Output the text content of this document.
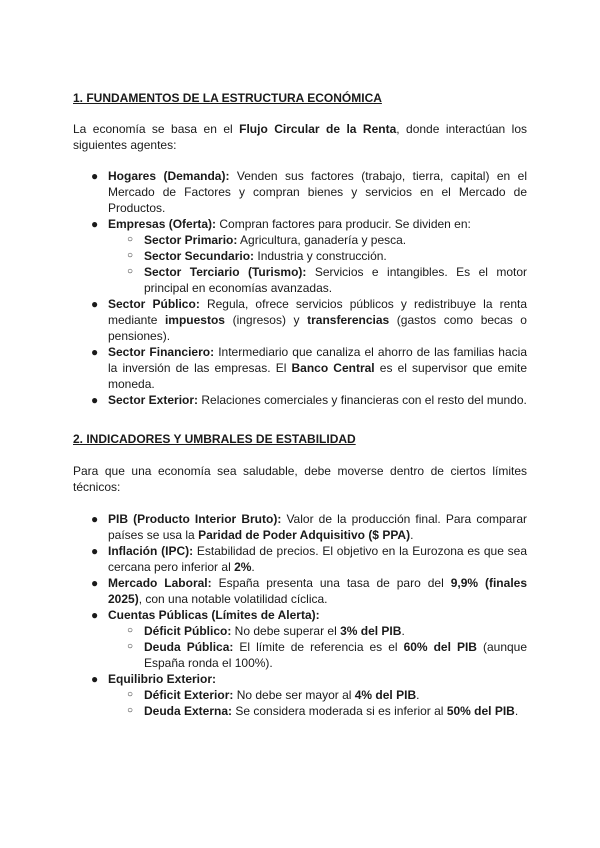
1. FUNDAMENTOS DE LA ESTRUCTURA ECONÓMICA

La economía se basa en el Flujo Circular de la Renta, donde interactúan los siguientes agentes:

● Hogares (Demanda): Venden sus factores (trabajo, tierra, capital) en el Mercado de Factores y compran bienes y servicios en el Mercado de Productos.
● Empresas (Oferta): Compran factores para producir. Se dividen en:
○ Sector Primario: Agricultura, ganadería y pesca.
○ Sector Secundario: Industria y construcción.
○ Sector Terciario (Turismo): Servicios e intangibles. Es el motor principal en economías avanzadas.
● Sector Público: Regula, ofrece servicios públicos y redistribuye la renta mediante impuestos (ingresos) y transferencias (gastos como becas o pensiones).
● Sector Financiero: Intermediario que canaliza el ahorro de las familias hacia la inversión de las empresas. El Banco Central es el supervisor que emite moneda.
● Sector Exterior: Relaciones comerciales y financieras con el resto del mundo.
2. INDICADORES Y UMBRALES DE ESTABILIDAD

Para que una economía sea saludable, debe moverse dentro de ciertos límites técnicos:

● PIB (Producto Interior Bruto): Valor de la producción final. Para comparar países se usa la Paridad de Poder Adquisitivo ($ PPA).
● Inflación (IPC): Estabilidad de precios. El objetivo en la Eurozona es que sea cercana pero inferior al 2%.
● Mercado Laboral: España presenta una tasa de paro del 9,9% (finales 2025), con una notable volatilidad cíclica.
● Cuentas Públicas (Límites de Alerta):
○ Déficit Público: No debe superar el 3% del PIB.
○ Deuda Pública: El límite de referencia es el 60% del PIB (aunque España ronda el 100%).
● Equilibrio Exterior:
○ Déficit Exterior: No debe ser mayor al 4% del PIB.
○ Deuda Externa: Se considera moderada si es inferior al 50% del PIB.
